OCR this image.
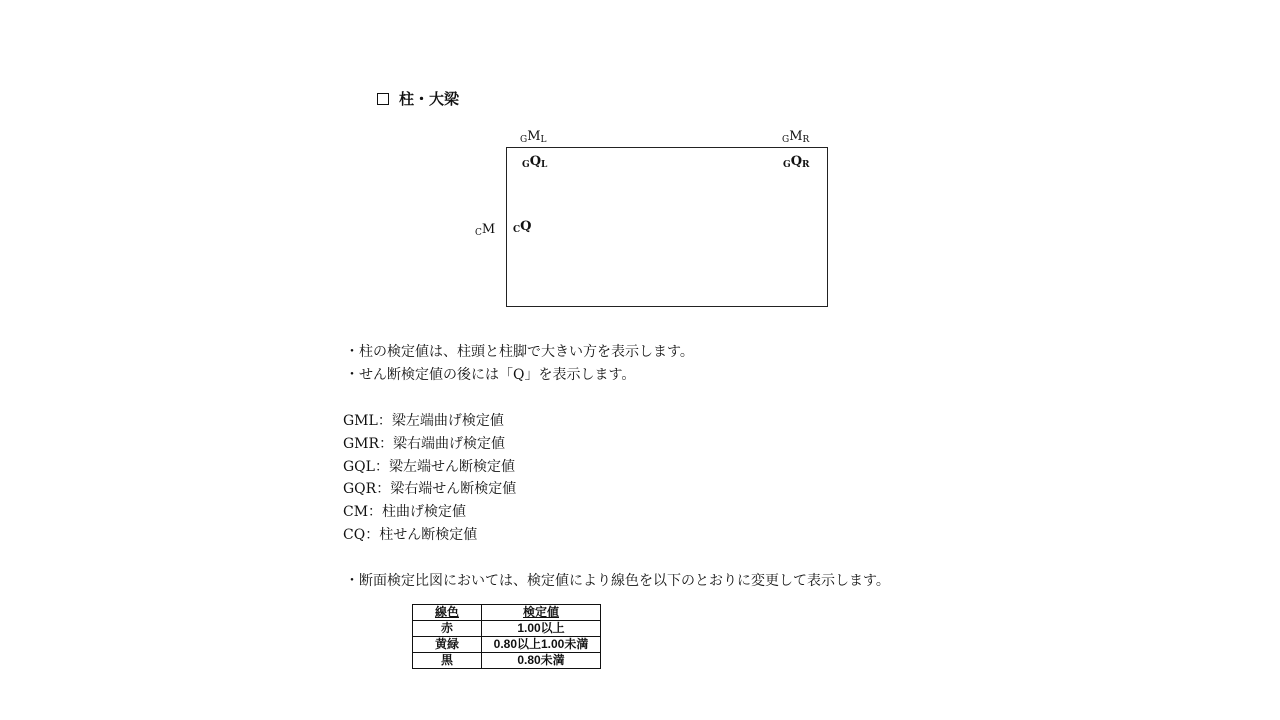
柱・大梁
$GM_L$	$GM_R$
$GQ_L$	$GQ_R$
CM CQ
・柱の検定値は、柱頭と柱脚で大きい方を表示します。
・せん断検定値の後には「Q」を表示します。
GML：梁左端曲げ検定値
GMR：梁右端曲げ検定値
GQL：梁左端せん断検定値
GQR：梁右端せん断検定値
CM：柱曲げ検定値
CQ：柱せん断検定値
・断面検定比図においては、検定値により線色を以下のとおりに変更して表示します。
線色	検定値
赤	1.00以上
黄緑	0.80以上1.00未満
黒	0.80未満
